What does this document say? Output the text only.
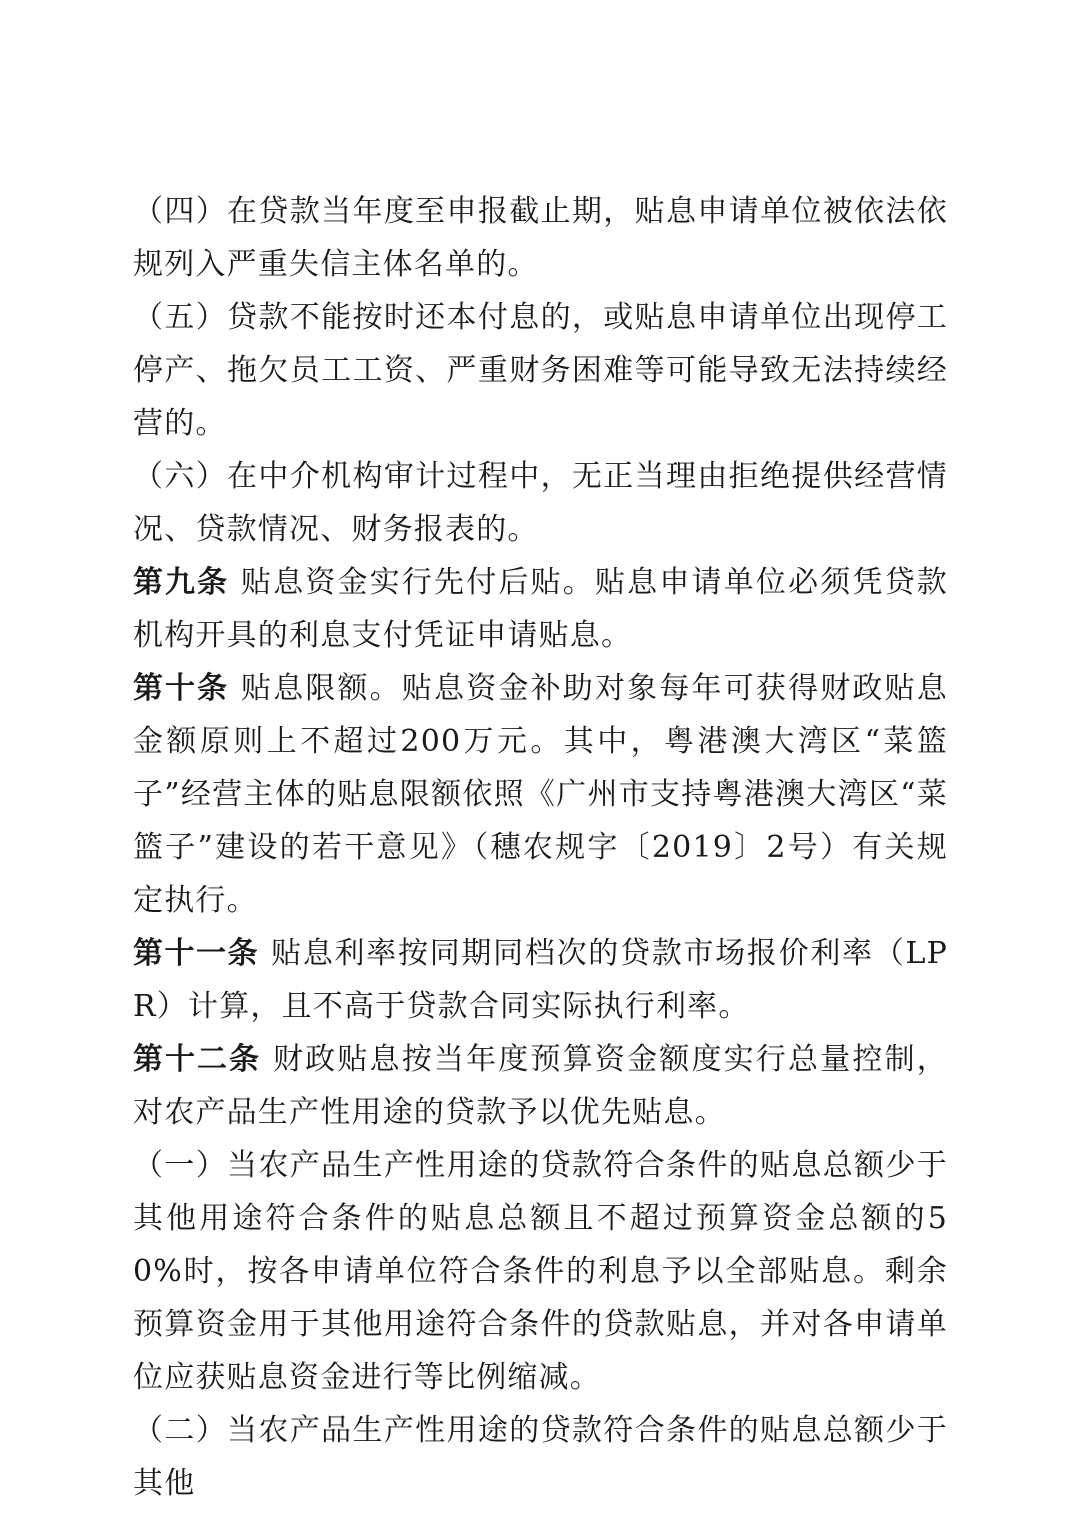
（四）在贷款当年度至申报截止期，贴息申请单位被依法依规列入严重失信主体名单的。

（五）贷款不能按时还本付息的，或贴息申请单位出现停工停产、拖欠员工工资、严重财务困难等可能导致无法持续经营的。

（六）在中介机构审计过程中，无正当理由拒绝提供经营情况、贷款情况、财务报表的。

第九条 贴息资金实行先付后贴。贴息申请单位必须凭贷款机构开具的利息支付凭证申请贴息。

第十条 贴息限额。贴息资金补助对象每年可获得财政贴息金额原则上不超过200万元。其中，粤港澳大湾区“菜篮子”经营主体的贴息限额依照《广州市支持粤港澳大湾区“菜篮子”建设的若干意见》（穗农规字〔2019〕2号）有关规定执行。

第十一条 贴息利率按同期同档次的贷款市场报价利率（LPR）计算，且不高于贷款合同实际执行利率。

第十二条 财政贴息按当年度预算资金额度实行总量控制，对农产品生产性用途的贷款予以优先贴息。

（一）当农产品生产性用途的贷款符合条件的贴息总额少于其他用途符合条件的贴息总额且不超过预算资金总额的50%时，按各申请单位符合条件的利息予以全部贴息。剩余预算资金用于其他用途符合条件的贷款贴息，并对各申请单位应获贴息资金进行等比例缩减。

（二）当农产品生产性用途的贷款符合条件的贴息总额少于其他
